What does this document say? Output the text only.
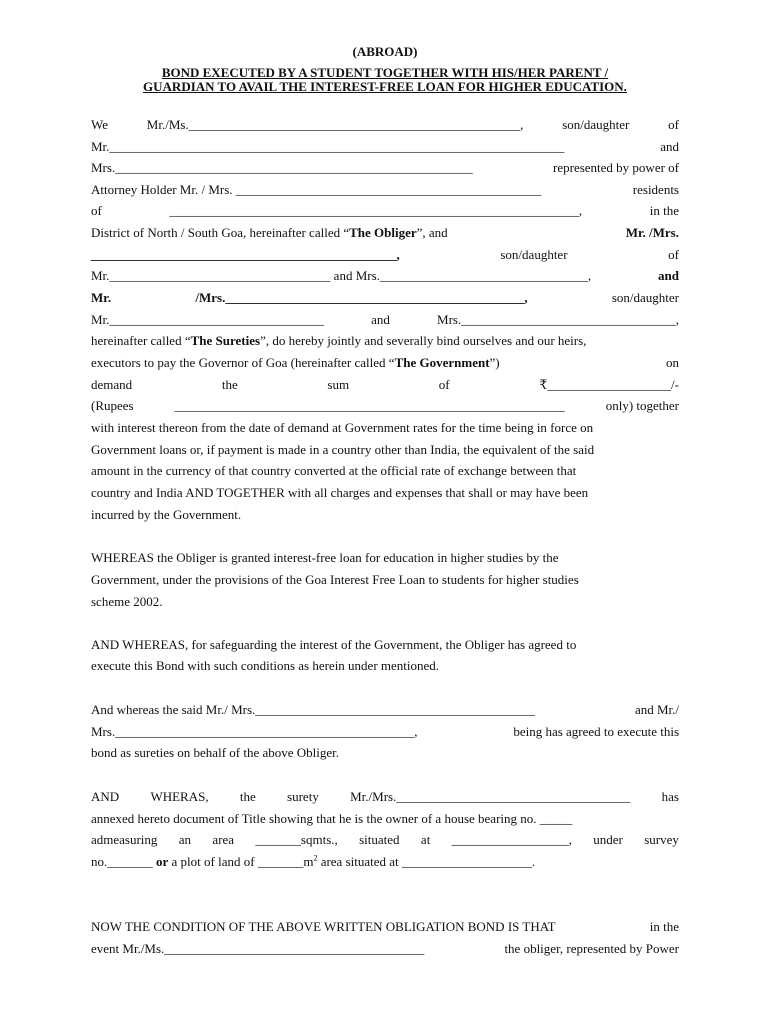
(ABROAD)
BOND EXECUTED BY A STUDENT TOGETHER WITH HIS/HER PARENT /
GUARDIAN TO AVAIL THE INTEREST-FREE LOAN FOR HIGHER EDUCATION.
We	Mr./Ms.___________________________________________________,	son/daughter	of
Mr.______________________________________________________________________	and
Mrs._______________________________________________________	represented by power of
Attorney Holder Mr. / Mrs. _______________________________________________	residents
of	_______________________________________________________________,	in the
District of North / South Goa, hereinafter called “The Obliger”, and	Mr. /Mrs.
_______________________________________________,	son/daughter	of
Mr.__________________________________ and Mrs.________________________________,	and
Mr.	/Mrs.______________________________________________,	son/daughter
Mr._________________________________	and	Mrs._________________________________,
hereinafter called “The Sureties”, do hereby jointly and severally bind ourselves and our heirs,
executors to pay the Governor of Goa (hereinafter called “The Government”)	on
demand	the	sum	of	₹___________________/-
(Rupees	____________________________________________________________	only) together
with interest thereon from the date of demand at Government rates for the time being in force on
Government loans or, if payment is made in a country other than India, the equivalent of the said
amount in the currency of that country converted at the official rate of exchange between that
country and India AND TOGETHER with all charges and expenses that shall or may have been
incurred by the Government.
WHEREAS the Obliger is granted interest-free loan for education in higher studies by the
Government, under the provisions of the Goa Interest Free Loan to students for higher studies
scheme 2002.
AND WHEREAS, for safeguarding the interest of the Government, the Obliger has agreed to
execute this Bond with such conditions as herein under mentioned.
And whereas the said Mr./ Mrs.___________________________________________	and Mr./
Mrs.______________________________________________,	being has agreed to execute this
bond as sureties on behalf of the above Obliger.
AND WHERAS, the surety Mr./Mrs.____________________________________ has
annexed hereto document of Title showing that he is the owner of a house bearing no. _____
admeasuring an area _______sqmts., situated at __________________, under survey
no._______ or a plot of land of $\_\_\_\_\_\_\_m^2$ area situated at ____________________.
NOW THE CONDITION OF THE ABOVE WRITTEN OBLIGATION BOND IS THAT	in the
event Mr./Ms.________________________________________	the obliger, represented by Power
